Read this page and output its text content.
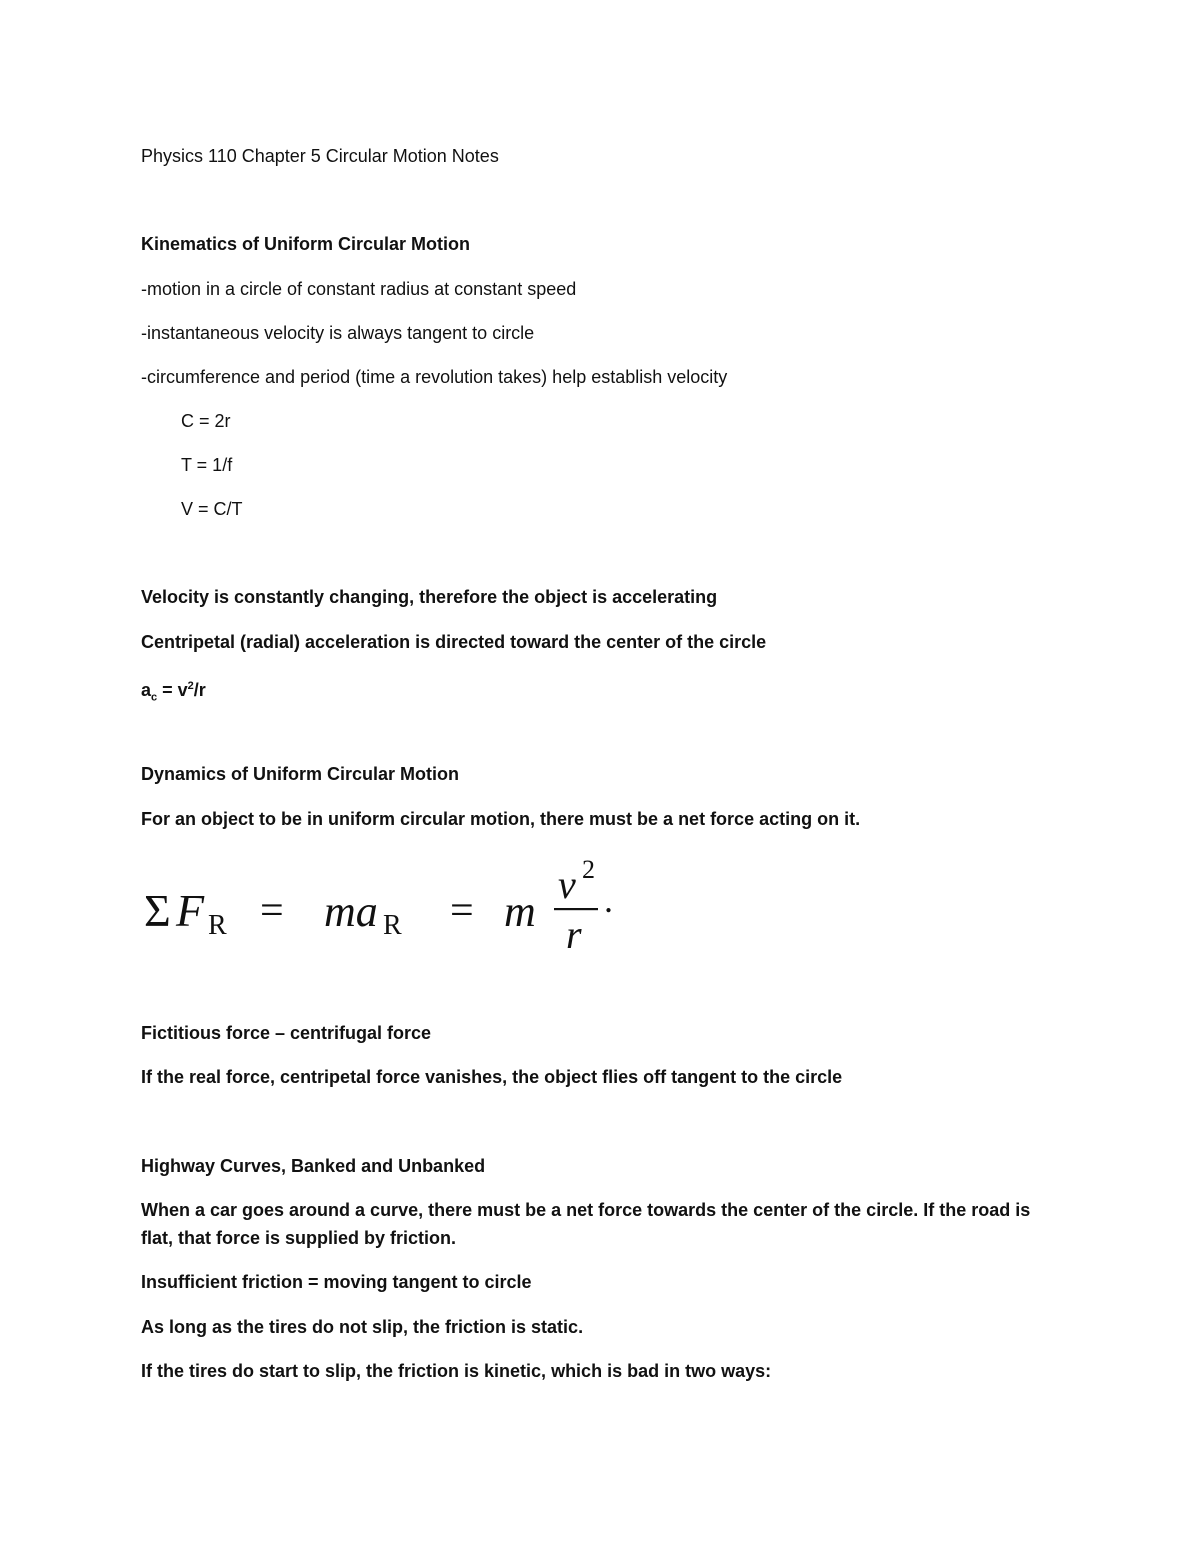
Physics 110 Chapter 5 Circular Motion Notes
Kinematics of Uniform Circular Motion
-motion in a circle of constant radius at constant speed
-instantaneous velocity is always tangent to circle
-circumference and period (time a revolution takes) help establish velocity
C = 2r
T = 1/f
V = C/T
Velocity is constantly changing, therefore the object is accelerating
Centripetal (radial) acceleration is directed toward the center of the circle
$a_c = v^2/r$
Dynamics of Uniform Circular Motion
For an object to be in uniform circular motion, there must be a net force acting on it.
Σ F R = ma R = m
v 2
r
.
Fictitious force – centrifugal force
If the real force, centripetal force vanishes, the object flies off tangent to the circle
Highway Curves, Banked and Unbanked
When a car goes around a curve, there must be a net force towards the center of the circle. If the road is flat, that force is supplied by friction.
Insufficient friction = moving tangent to circle
As long as the tires do not slip, the friction is static.
If the tires do start to slip, the friction is kinetic, which is bad in two ways:
